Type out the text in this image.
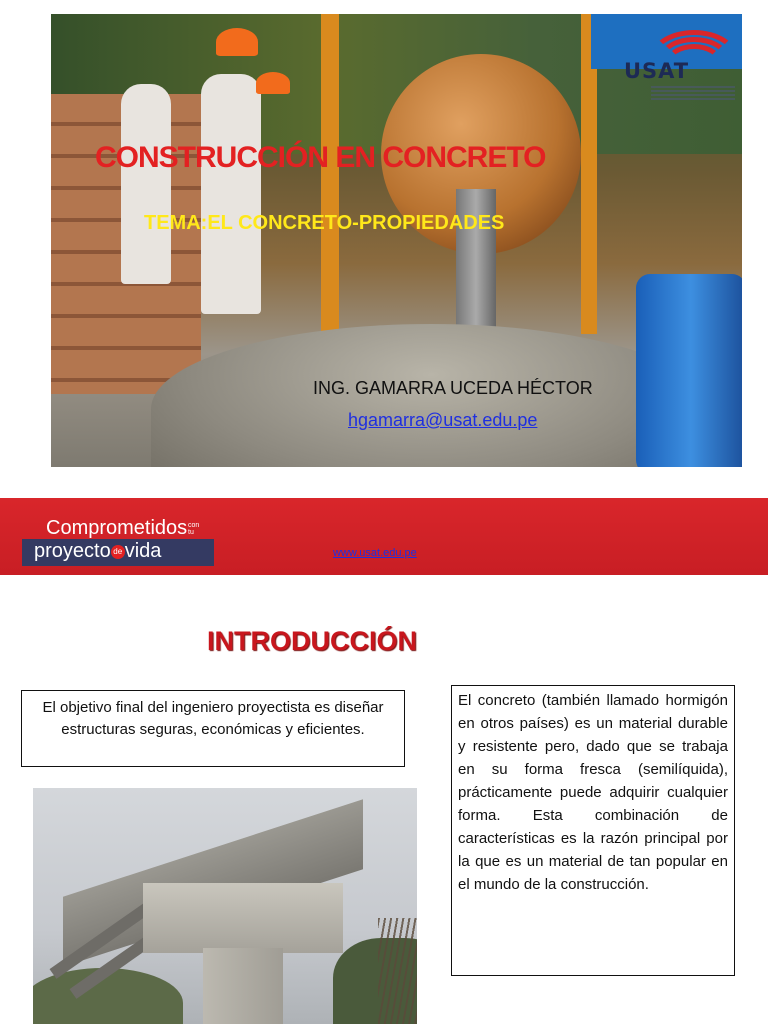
USAT
CONSTRUCCIÓN EN CONCRETO
TEMA:EL CONCRETO-PROPIEDADES
ING. GAMARRA UCEDA HÉCTOR
hgamarra@usat.edu.pe
Comprometidos con
tu
proyecto de vida	www.usat.edu.pe
INTRODUCCIÓN
El objetivo final del ingeniero proyectista es diseñar estructuras seguras, económicas y eficientes.
El concreto (también llamado hormigón en otros países) es un material durable y resistente pero, dado que se trabaja en su forma fresca (semilíquida), prácticamente puede adquirir cualquier forma. Esta combinación de características es la razón principal por la que es un material de tan popular en el mundo de la construcción.
